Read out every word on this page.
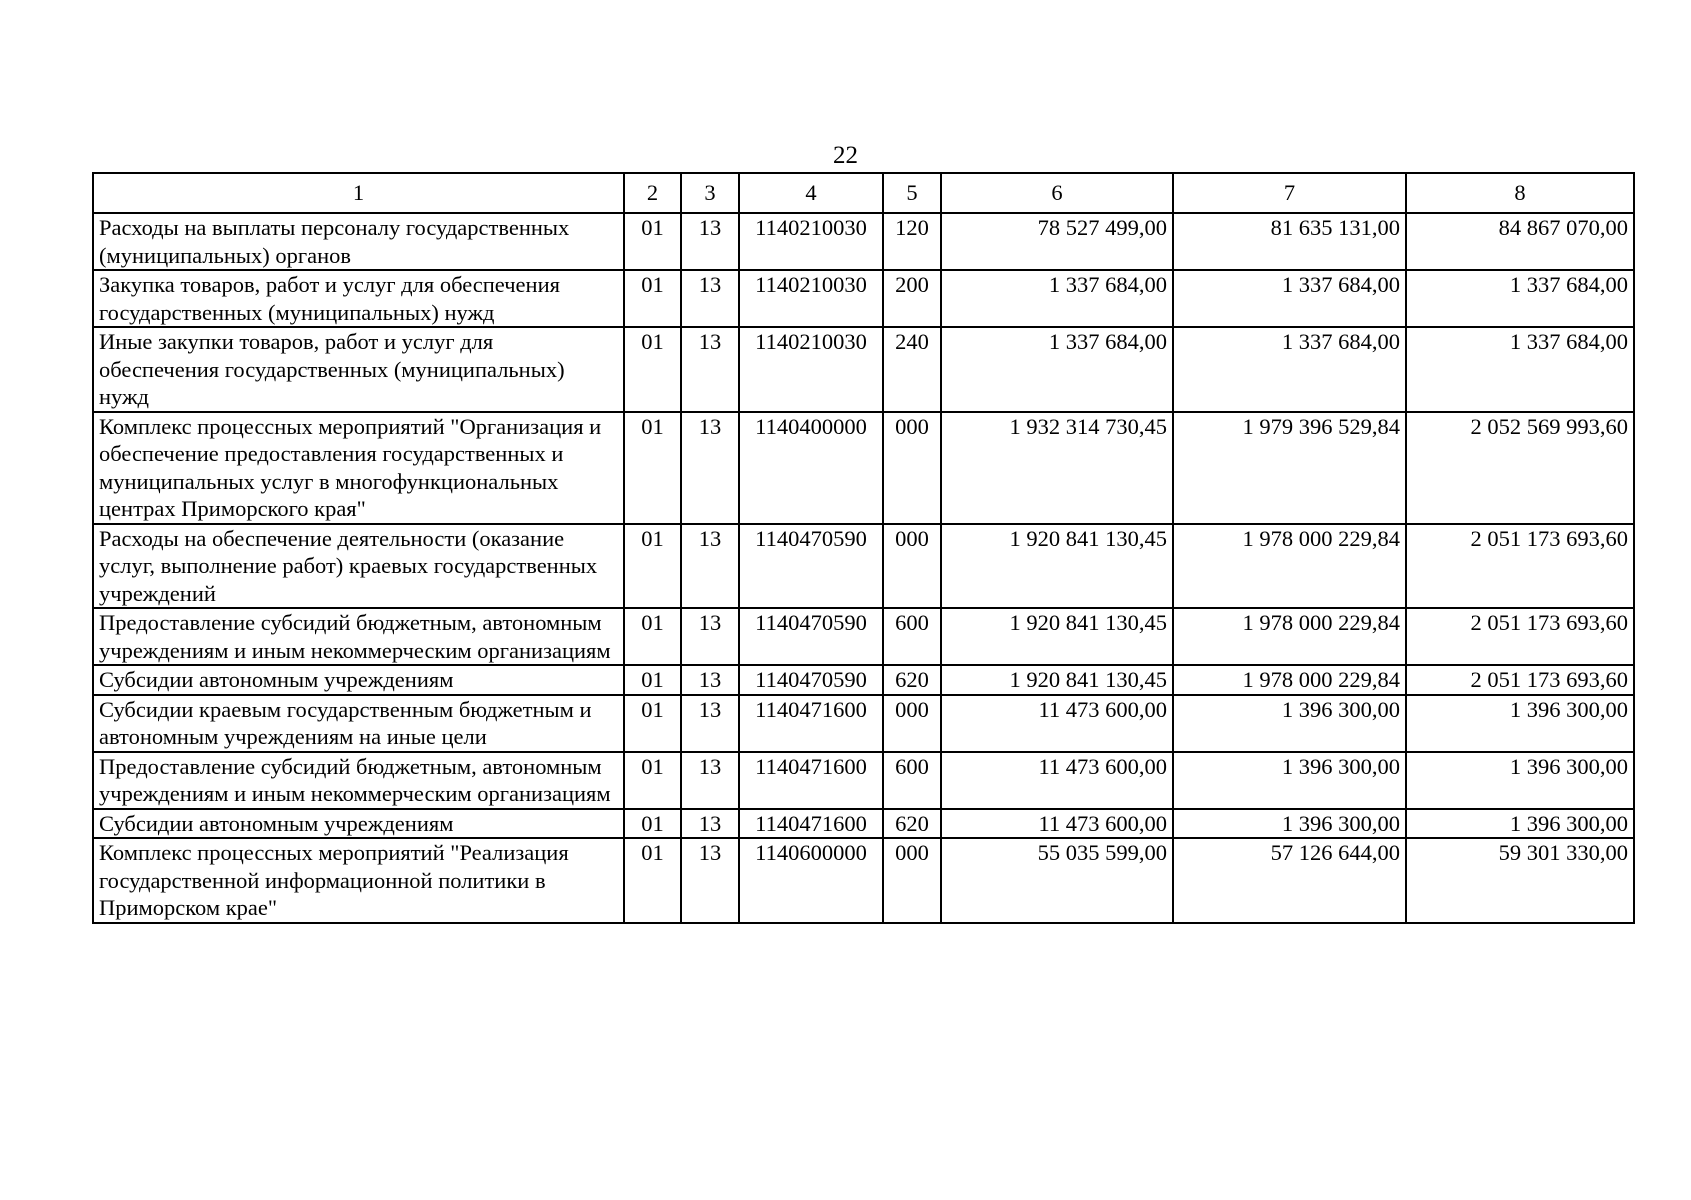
22
1	2	3	4	5	6	7	8
Расходы на выплаты персоналу государственных (муниципальных) органов	01	13	1140210030	120	78 527 499,00	81 635 131,00	84 867 070,00
Закупка товаров, работ и услуг для обеспечения государственных (муниципальных) нужд	01	13	1140210030	200	1 337 684,00	1 337 684,00	1 337 684,00
Иные закупки товаров, работ и услуг для обеспечения государственных (муниципальных) нужд	01	13	1140210030	240	1 337 684,00	1 337 684,00	1 337 684,00
Комплекс процессных мероприятий "Организация и обеспечение предоставления государственных и муниципальных услуг в многофункциональных центрах Приморского края"	01	13	1140400000	000	1 932 314 730,45	1 979 396 529,84	2 052 569 993,60
Расходы на обеспечение деятельности (оказание услуг, выполнение работ) краевых государственных учреждений	01	13	1140470590	000	1 920 841 130,45	1 978 000 229,84	2 051 173 693,60
Предоставление субсидий бюджетным, автономным учреждениям и иным некоммерческим организациям	01	13	1140470590	600	1 920 841 130,45	1 978 000 229,84	2 051 173 693,60
Субсидии автономным учреждениям	01	13	1140470590	620	1 920 841 130,45	1 978 000 229,84	2 051 173 693,60
Субсидии краевым государственным бюджетным и автономным учреждениям на иные цели	01	13	1140471600	000	11 473 600,00	1 396 300,00	1 396 300,00
Предоставление субсидий бюджетным, автономным учреждениям и иным некоммерческим организациям	01	13	1140471600	600	11 473 600,00	1 396 300,00	1 396 300,00
Субсидии автономным учреждениям	01	13	1140471600	620	11 473 600,00	1 396 300,00	1 396 300,00
Комплекс процессных мероприятий "Реализация государственной информационной политики в Приморском крае"	01	13	1140600000	000	55 035 599,00	57 126 644,00	59 301 330,00
